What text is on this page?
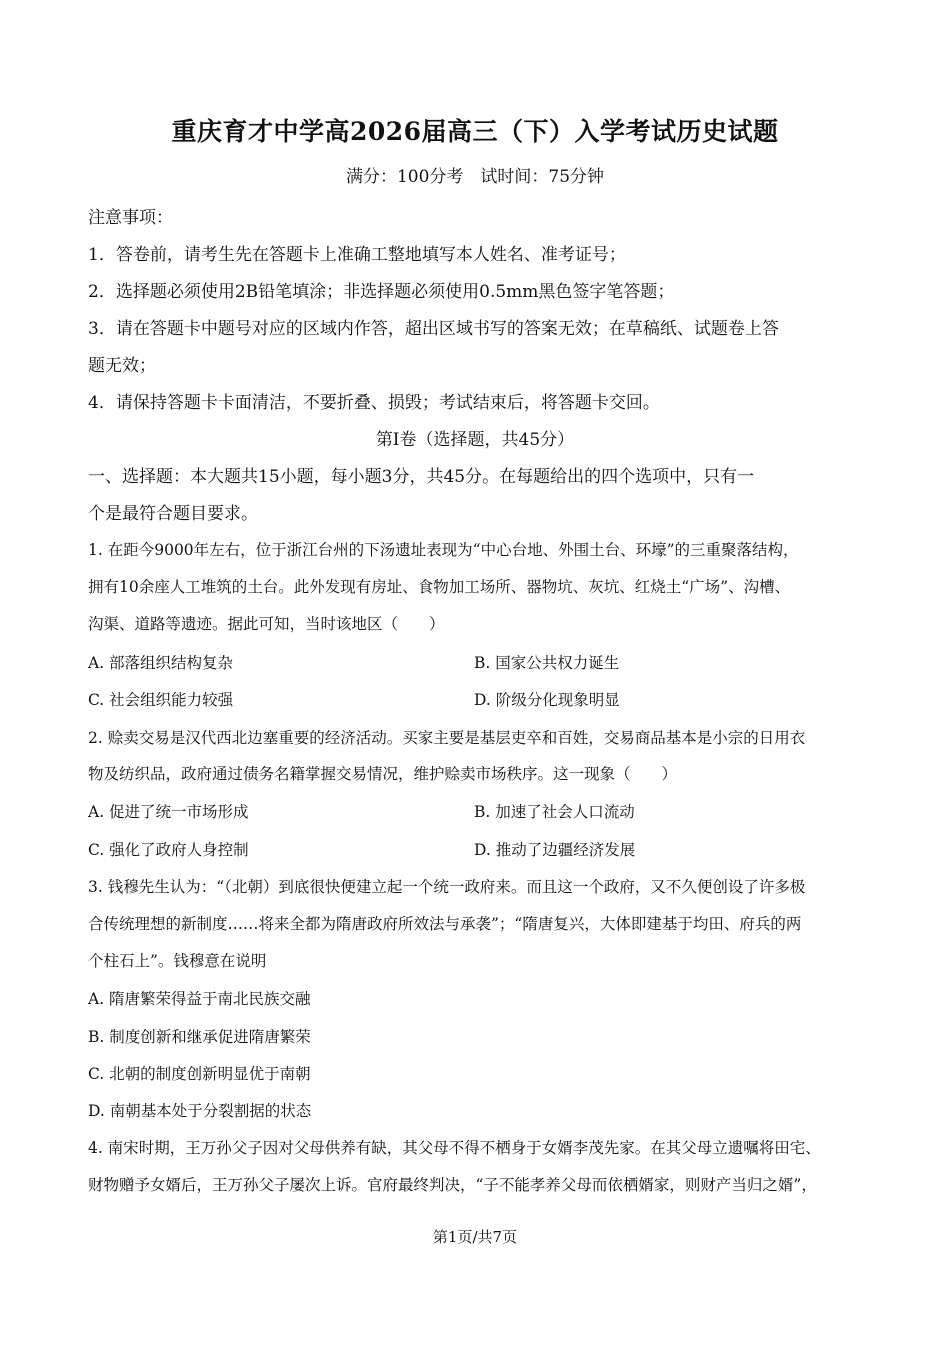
重庆育才中学高2026届高三（下）入学考试历史试题
满分：100分考　试时间：75分钟
注意事项：
1．答卷前，请考生先在答题卡上准确工整地填写本人姓名、准考证号；
2．选择题必须使用2B铅笔填涂；非选择题必须使用0.5mm黑色签字笔答题；
3．请在答题卡中题号对应的区域内作答，超出区域书写的答案无效；在草稿纸、试题卷上答
题无效；
4．请保持答题卡卡面清洁，不要折叠、损毁；考试结束后，将答题卡交回。
第Ⅰ卷（选择题，共45分）
一、选择题：本大题共15小题，每小题3分，共45分。在每题给出的四个选项中，只有一
个是最符合题目要求。
1. 在距今9000年左右，位于浙江台州的下汤遗址表现为“中心台地、外围土台、环壕”的三重聚落结构，
拥有10余座人工堆筑的土台。此外发现有房址、食物加工场所、器物坑、灰坑、红烧土“广场”、沟槽、
沟渠、道路等遗迹。据此可知，当时该地区（　　）
A. 部落组织结构复杂	B. 国家公共权力诞生
C. 社会组织能力较强	D. 阶级分化现象明显
2. 赊卖交易是汉代西北边塞重要的经济活动。买家主要是基层吏卒和百姓，交易商品基本是小宗的日用衣
物及纺织品，政府通过债务名籍掌握交易情况，维护赊卖市场秩序。这一现象（　　）
A. 促进了统一市场形成	B. 加速了社会人口流动
C. 强化了政府人身控制	D. 推动了边疆经济发展
3. 钱穆先生认为：“（北朝）到底很快便建立起一个统一政府来。而且这一个政府，又不久便创设了许多极
合传统理想的新制度……将来全都为隋唐政府所效法与承袭”；“隋唐复兴，大体即建基于均田、府兵的两
个柱石上”。钱穆意在说明
A. 隋唐繁荣得益于南北民族交融
B. 制度创新和继承促进隋唐繁荣
C. 北朝的制度创新明显优于南朝
D. 南朝基本处于分裂割据的状态
4. 南宋时期，王万孙父子因对父母供养有缺，其父母不得不栖身于女婿李茂先家。在其父母立遗嘱将田宅、
财物赠予女婿后，王万孙父子屡次上诉。官府最终判决，“子不能孝养父母而依栖婿家，则财产当归之婿”，
第1页/共7页
